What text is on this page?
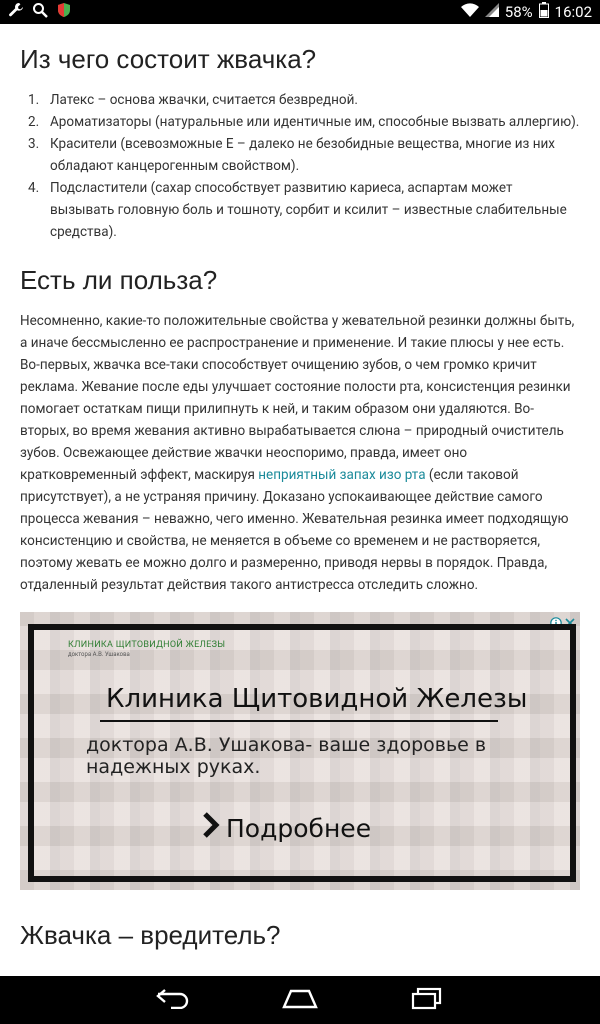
58% 16:02
Из чего состоит жвачка?
1. Латекс – основа жвачки, считается безвредной.
2. Ароматизаторы (натуральные или идентичные им, способные вызвать аллергию).
3. Красители (всевозможные Е – далеко не безобидные вещества, многие из них обладают канцерогенным свойством).
4. Подсластители (сахар способствует развитию кариеса, аспартам может вызывать головную боль и тошноту, сорбит и ксилит – известные слабительные средства).
Есть ли польза?

Несомненно, какие-то положительные свойства у жевательной резинки должны быть, а иначе бессмысленно ее распространение и применение. И такие плюсы у нее есть. Во-первых, жвачка все-таки способствует очищению зубов, о чем громко кричит реклама. Жевание после еды улучшает состояние полости рта, консистенция резинки помогает остаткам пищи прилипнуть к ней, и таким образом они удаляются. Во-вторых, во время жевания активно вырабатывается слюна – природный очиститель зубов. Освежающее действие жвачки неоспоримо, правда, имеет оно кратковременный эффект, маскируя неприятный запах изо рта (если таковой присутствует), а не устраняя причину. Доказано успокаивающее действие самого процесса жевания – неважно, чего именно. Жевательная резинка имеет подходящую консистенцию и свойства, не меняется в объеме со временем и не растворяется, поэтому жевать ее можно долго и размеренно, приводя нервы в порядок. Правда, отдаленный результат действия такого антистресса отследить сложно.

КЛИНИКА ЩИТОВИДНОЙ ЖЕЛЕЗЫ
доктора А.В. Ушакова
Клиника Щитовидной Железы
доктора А.В. Ушакова- ваше здоровье в надежных руках.
Подробнее
Жвачка – вредитель?
